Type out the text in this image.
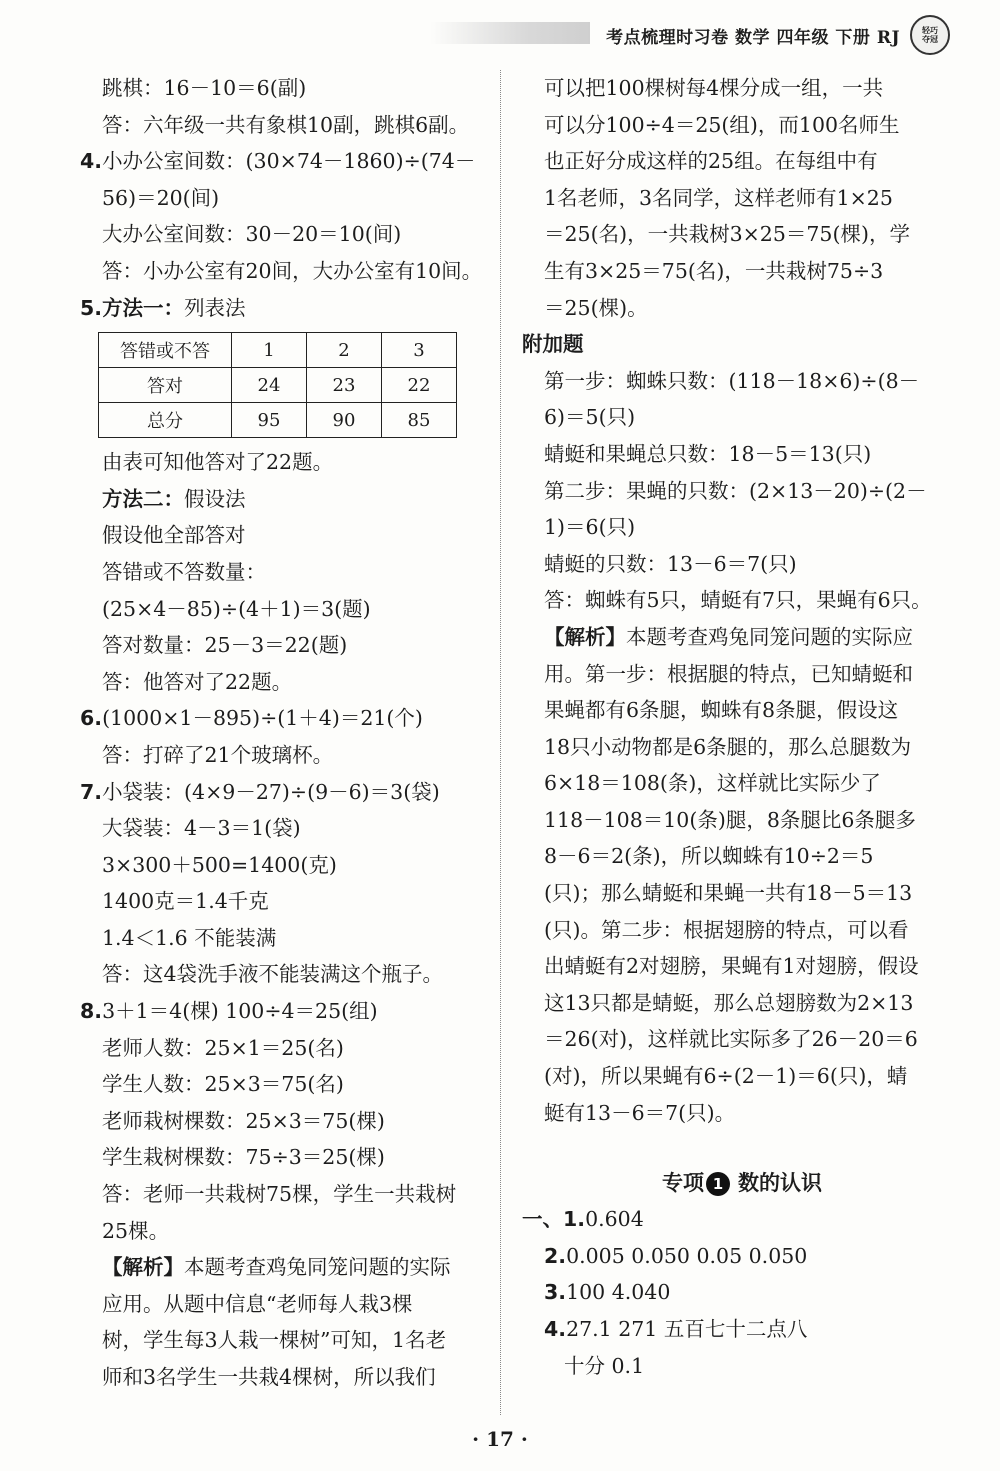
考点梳理时习卷 数学 四年级 下册 RJ	轻巧夺冠
跳棋：16－10＝6(副)
答：六年级一共有象棋10副，跳棋6副。
4.小办公室间数：(30×74－1860)÷(74－
56)＝20(间)
大办公室间数：30－20＝10(间)
答：小办公室有20间，大办公室有10间。
5.方法一：列表法
答错或不答	1	2	3
答对	24	23	22
总分	95	90	85
由表可知他答对了22题。
方法二：假设法
假设他全部答对
答错或不答数量：
(25×4－85)÷(4＋1)＝3(题)
答对数量：25－3＝22(题)
答：他答对了22题。
6.(1000×1－895)÷(1＋4)＝21(个)
答：打碎了21个玻璃杯。
7.小袋装：(4×9－27)÷(9－6)＝3(袋)
大袋装：4－3＝1(袋)
3×300＋500=1400(克)
1400克＝1.4千克
1.4＜1.6 不能装满
答：这4袋洗手液不能装满这个瓶子。
8.3＋1＝4(棵) 100÷4＝25(组)
老师人数：25×1＝25(名)
学生人数：25×3＝75(名)
老师栽树棵数：25×3＝75(棵)
学生栽树棵数：75÷3＝25(棵)
答：老师一共栽树75棵，学生一共栽树
25棵。
【解析】本题考查鸡兔同笼问题的实际
应用。从题中信息“老师每人栽3棵
树，学生每3人栽一棵树”可知，1名老
师和3名学生一共栽4棵树，所以我们
可以把100棵树每4棵分成一组，一共
可以分100÷4＝25(组)，而100名师生
也正好分成这样的25组。在每组中有
1名老师，3名同学，这样老师有1×25
＝25(名)，一共栽树3×25＝75(棵)，学
生有3×25＝75(名)，一共栽树75÷3
＝25(棵)。
附加题
第一步：蜘蛛只数：(118－18×6)÷(8－
6)＝5(只)
蜻蜓和果蝇总只数：18－5＝13(只)
第二步：果蝇的只数：(2×13－20)÷(2－
1)＝6(只)
蜻蜓的只数：13－6＝7(只)
答：蜘蛛有5只，蜻蜓有7只，果蝇有6只。
【解析】本题考查鸡兔同笼问题的实际应
用。第一步：根据腿的特点，已知蜻蜓和
果蝇都有6条腿，蜘蛛有8条腿，假设这
18只小动物都是6条腿的，那么总腿数为
6×18＝108(条)，这样就比实际少了
118－108＝10(条)腿，8条腿比6条腿多
8－6＝2(条)，所以蜘蛛有10÷2＝5
(只)；那么蜻蜓和果蝇一共有18－5＝13
(只)。第二步：根据翅膀的特点，可以看
出蜻蜓有2对翅膀，果蝇有1对翅膀，假设
这13只都是蜻蜓，那么总翅膀数为2×13
＝26(对)，这样就比实际多了26－20＝6
(对)，所以果蝇有6÷(2－1)＝6(只)，蜻
蜓有13－6＝7(只)。
专项 1 数的认识
一、1.0.604
2.0.005 0.050 0.05 0.050
3.100 4.040
4.27.1 271 五百七十二点八
十分 0.1
· 17 ·
